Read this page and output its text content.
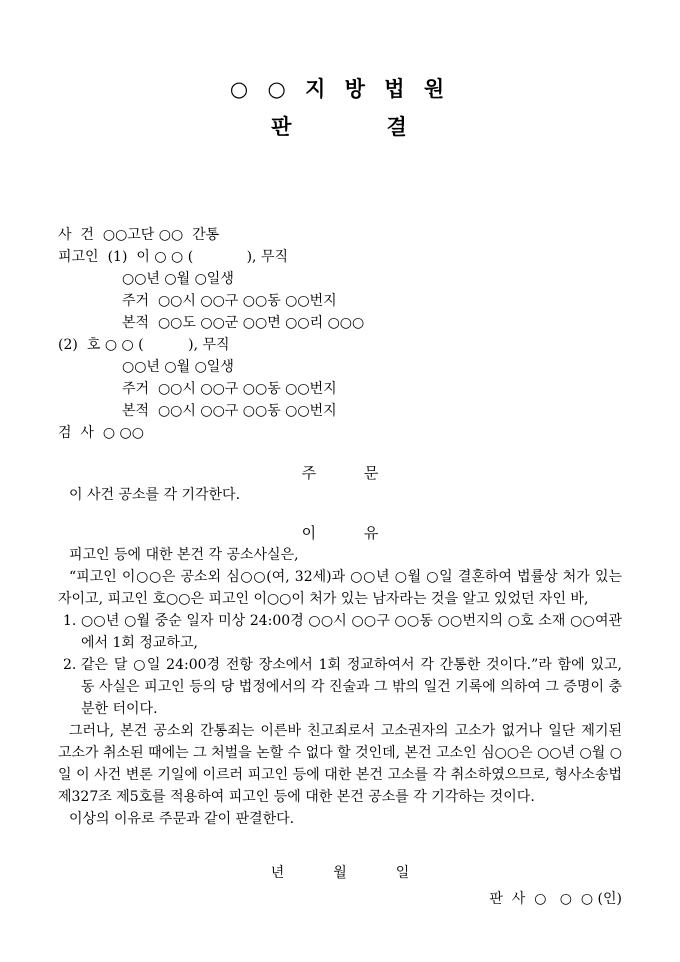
○ ○ 지 방 법 원
판          결
사  건  ○○고단 ○○  간통
피고인 (1) 이 ○ ○ (            ), 무직
○○년 ○월 ○일생
주거  ○○시 ○○구 ○○동 ○○번지
본적  ○○도 ○○군 ○○면 ○○리 ○○○
(2) 호 ○ ○ (          ), 무직
○○년 ○월 ○일생
주거  ○○시 ○○구 ○○동 ○○번지
본적  ○○시 ○○구 ○○동 ○○번지
검  사  ○ ○○
주          문
이 사건 공소를 각 기각한다.
이          유
피고인 등에 대한 본건 각 공소사실은,
“피고인 이○○은 공소외 심○○(여, 32세)과 ○○년 ○월 ○일 결혼하여 법률상 처가 있는 자이고, 피고인 호○○은 피고인 이○○이 처가 있는 남자라는 것을 알고 있었던 자인 바,
1. ○○년 ○월 중순 일자 미상 24:00경 ○○시 ○○구 ○○동 ○○번지의 ○호 소재 ○○여관에서 1회 정교하고,
2. 같은 달 ○일 24:00경 전항 장소에서 1회 정교하여서 각 간통한 것이다.”라 함에 있고, 동 사실은 피고인 등의 당 법정에서의 각 진술과 그 밖의 일건 기록에 의하여 그 증명이 충분한 터이다.
그러나, 본건 공소외 간통죄는 이른바 친고죄로서 고소권자의 고소가 없거나 일단 제기된 고소가 취소된 때에는 그 처벌을 논할 수 없다 할 것인데, 본건 고소인 심○○은 ○○년 ○월 ○일 이 사건 변론 기일에 이르러 피고인 등에 대한 본건 고소를 각 취소하였으므로, 형사소송법 제327조 제5호를 적용하여 피고인 등에 대한 본건 공소를 각 기각하는 것이다.
이상의 이유로 주문과 같이 판결한다.
년           월           일
판  사  ○   ○  ○ (인)
